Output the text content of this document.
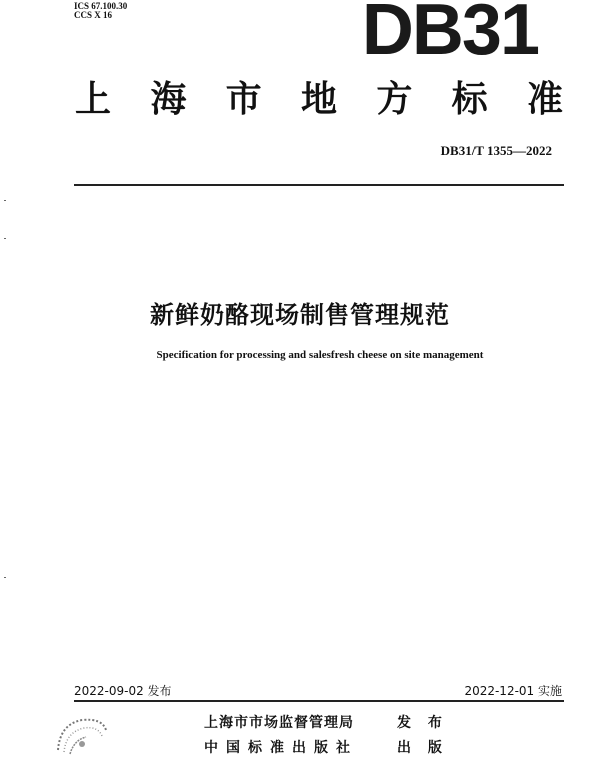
ICS 67.100.30
CCS X 16	DB31
上 海 市 地 方 标 准
DB31/T 1355—2022
新鲜奶酪现场制售管理规范
Specification for processing and salesfresh cheese on site management
2022-09-02 发布	2022-12-01 实施
上海市市场监督管理局	发 布
中国标准出版社	出 版
